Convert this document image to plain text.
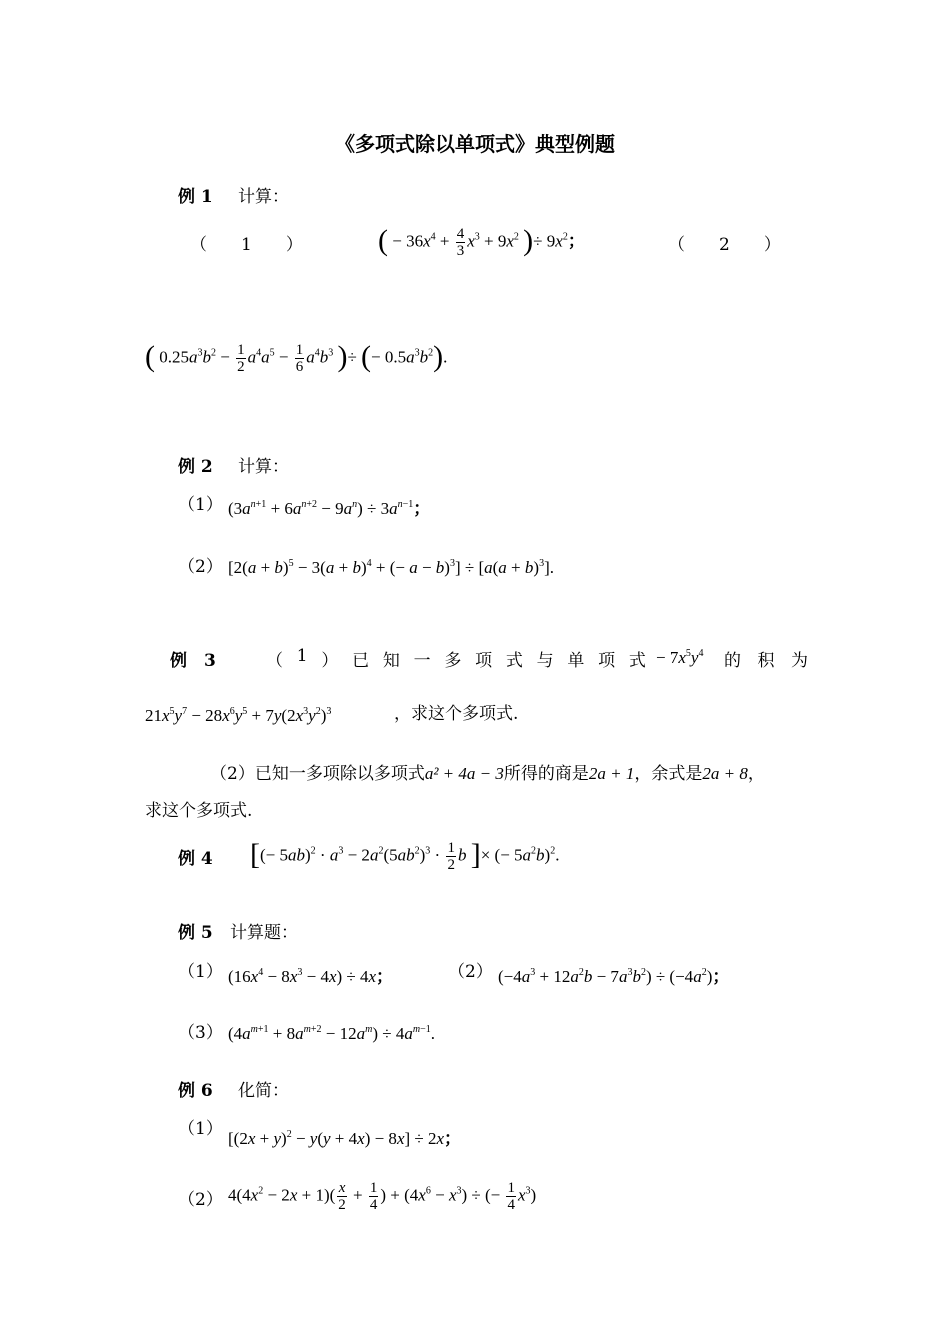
《多项式除以单项式》典型例题
例 1 计算：
（　　1　　）	( − $36x^4 + \frac{4}{3} x^3 + 9x^2$ )÷ $9x^2$；	（　　2　　）
( $0.25a^3b^2 - \frac{1}{2} a^4a^5 - \frac{1}{6} a^4b^3$ )÷ (− $0.5a^3b^2$).
例 2 计算：
（1） $(3a^{n+1} + 6a^{n+2} - 9a^n) \div 3a^{n-1}$；
（2） [$2(a + b)^5 - 3(a + b)^4$ + (− $a - b)^3] \div [a(a + b)^3]$.
例　3	（ 1 ） 已 知 一 多 项 式 与 单 项 式 − $7x^5y^4$ 的 积 为
$21x^5y^7 - 28x^6y^5 + 7y(2x^3y^2)^3$	，求这个多项式.
（2）已知一多项除以多项式a² + 4a − 3所得的商是2a + 1，余式是2a + 8，
求这个多项式.
例 4 [(− $5ab)^2 \cdot a^3 - 2a^2(5ab^2)^3 \cdot \frac{1}{2}$ b ]× (− $5a^2b)^2$.
例 5 计算题：
（1） $(16x^4 - 8x^3 - 4x) \div 4x$；	（2） $(-4a^3 + 12a^2b - 7a^3b^2) \div (-4a^2)$；
（3） $(4a^{m+1} + 8a^{m+2} - 12a^m) \div 4a^{m-1}$.
例 6 化简：
（1） $[(2x + y)^2 - y(y + 4x) - 8x] \div 2x$；
（2） $4(4x^2 - 2x + 1)( \frac{x}{2} + \frac{1}{4}$ ) + $(4x^6 - x^3)$ ÷ (− $\frac{1}{4} x^3$)
